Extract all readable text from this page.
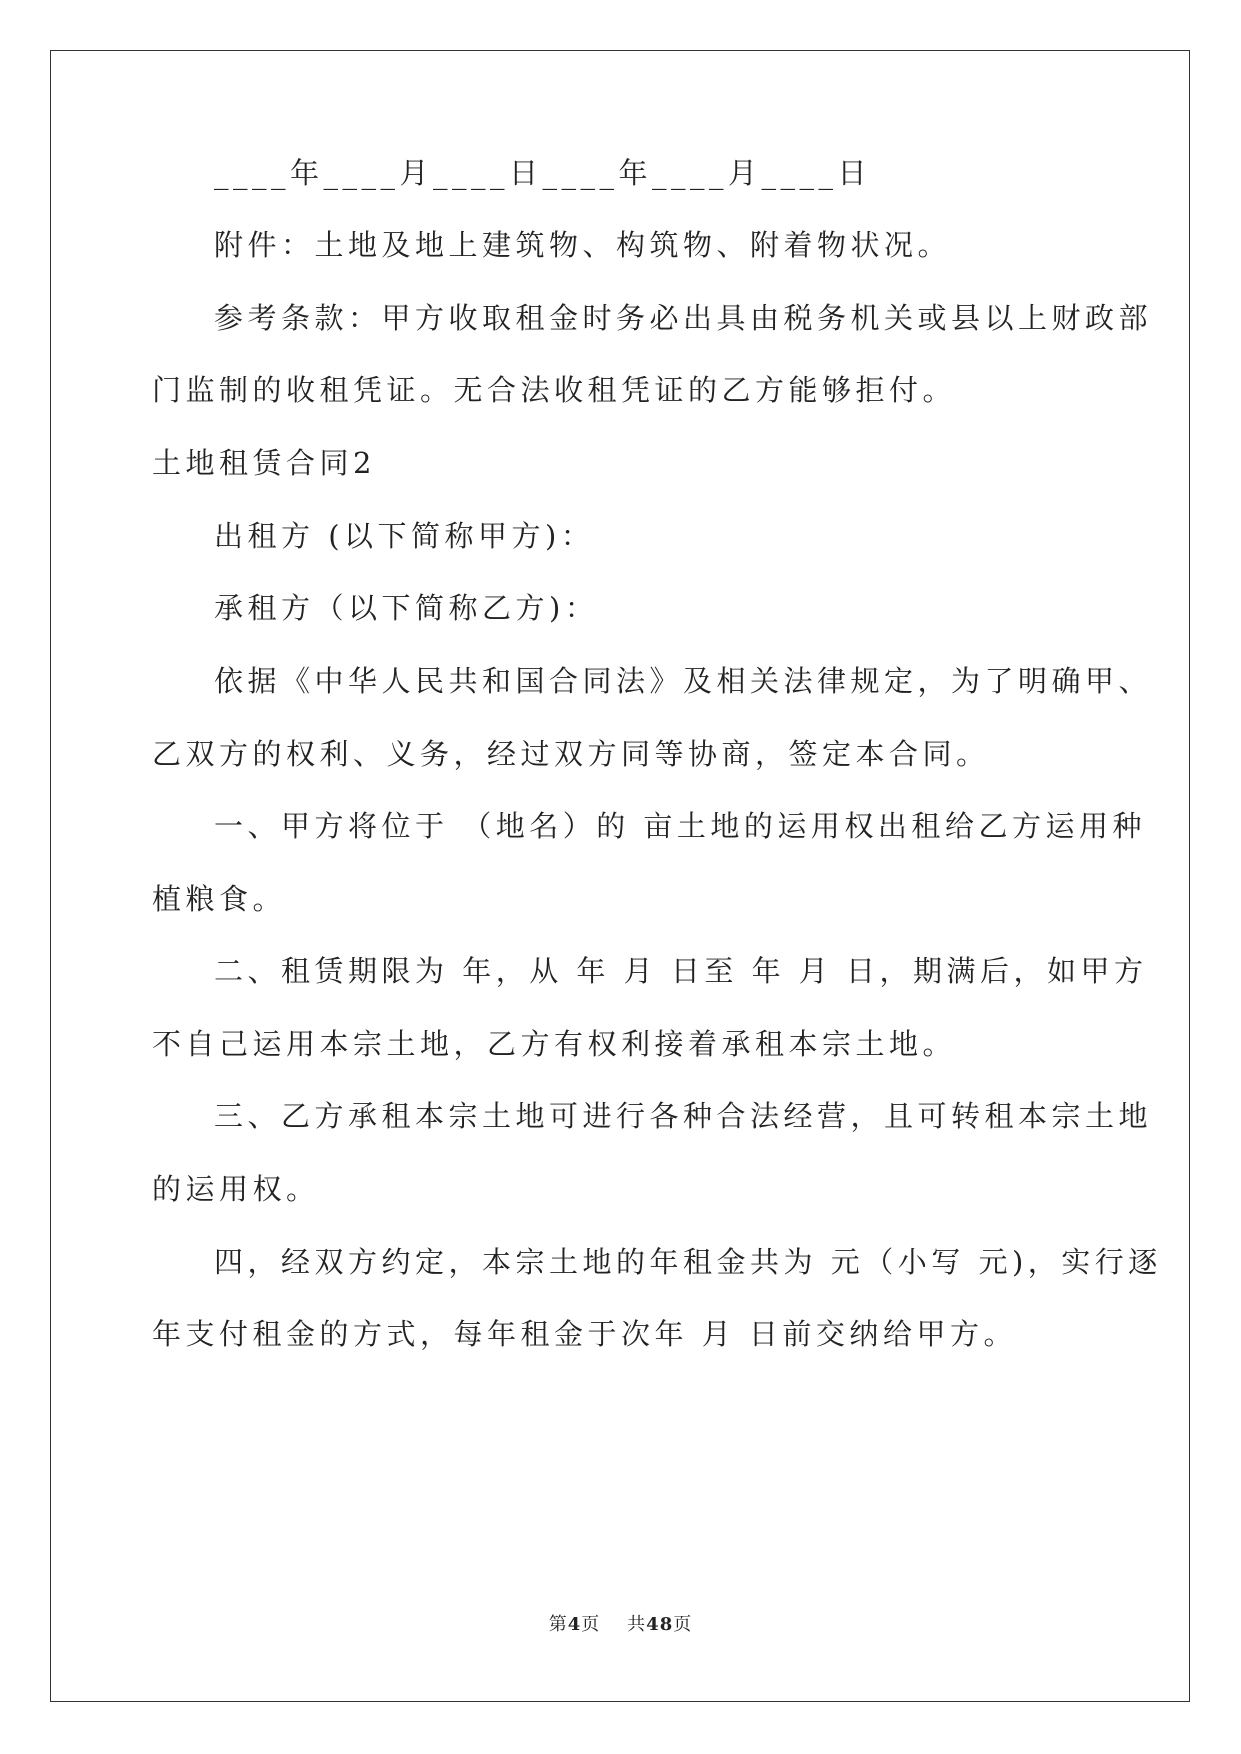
____年____月____日____年____月____日

附件：土地及地上建筑物、构筑物、附着物状况。

参考条款：甲方收取租金时务必出具由税务机关或县以上财政部

门监制的收租凭证。无合法收租凭证的乙方能够拒付。

土地租赁合同2

出租方 (以下简称甲方)：

承租方（以下简称乙方)：

依据《中华人民共和国合同法》及相关法律规定，为了明确甲、

乙双方的权利、义务，经过双方同等协商，签定本合同。

一、甲方将位于 （地名）的 亩土地的运用权出租给乙方运用种

植粮食。

二、租赁期限为 年，从 年 月 日至 年 月 日，期满后，如甲方

不自己运用本宗土地，乙方有权利接着承租本宗土地。

三、乙方承租本宗土地可进行各种合法经营，且可转租本宗土地

的运用权。

四，经双方约定，本宗土地的年租金共为 元（小写 元)，实行逐

年支付租金的方式，每年租金于次年 月 日前交纳给甲方。

第4页 共48页
